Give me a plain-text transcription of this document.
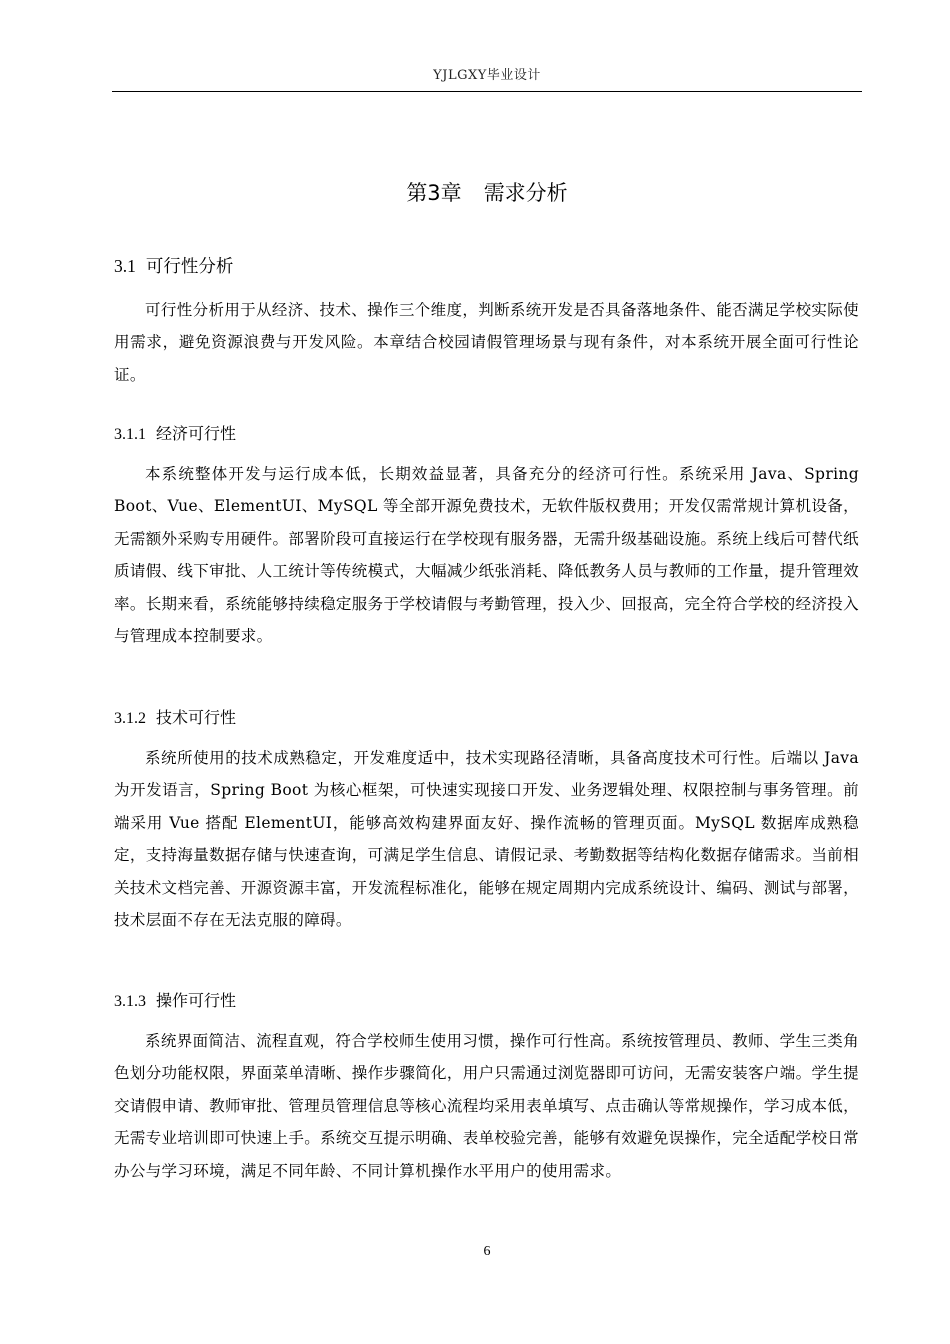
YJLGXY毕业设计
第3章 需求分析
3.1 可行性分析

可行性分析用于从经济、技术、操作三个维度，判断系统开发是否具备落地条件、能否满足学校实际使用需求，避免资源浪费与开发风险。本章结合校园请假管理场景与现有条件，对本系统开展全面可行性论证。

3.1.1 经济可行性

本系统整体开发与运行成本低，长期效益显著，具备充分的经济可行性。系统采用 Java、Spring Boot、Vue、ElementUI、MySQL 等全部开源免费技术，无软件版权费用；开发仅需常规计算机设备，无需额外采购专用硬件。部署阶段可直接运行在学校现有服务器，无需升级基础设施。系统上线后可替代纸质请假、线下审批、人工统计等传统模式，大幅减少纸张消耗、降低教务人员与教师的工作量，提升管理效率。长期来看，系统能够持续稳定服务于学校请假与考勤管理，投入少、回报高，完全符合学校的经济投入与管理成本控制要求。

3.1.2 技术可行性

系统所使用的技术成熟稳定，开发难度适中，技术实现路径清晰，具备高度技术可行性。后端以 Java 为开发语言，Spring Boot 为核心框架，可快速实现接口开发、业务逻辑处理、权限控制与事务管理。前端采用 Vue 搭配 ElementUI，能够高效构建界面友好、操作流畅的管理页面。MySQL 数据库成熟稳定，支持海量数据存储与快速查询，可满足学生信息、请假记录、考勤数据等结构化数据存储需求。当前相关技术文档完善、开源资源丰富，开发流程标准化，能够在规定周期内完成系统设计、编码、测试与部署，技术层面不存在无法克服的障碍。

3.1.3 操作可行性

系统界面简洁、流程直观，符合学校师生使用习惯，操作可行性高。系统按管理员、教师、学生三类角色划分功能权限，界面菜单清晰、操作步骤简化，用户只需通过浏览器即可访问，无需安装客户端。学生提交请假申请、教师审批、管理员管理信息等核心流程均采用表单填写、点击确认等常规操作，学习成本低，无需专业培训即可快速上手。系统交互提示明确、表单校验完善，能够有效避免误操作，完全适配学校日常办公与学习环境，满足不同年龄、不同计算机操作水平用户的使用需求。

6
